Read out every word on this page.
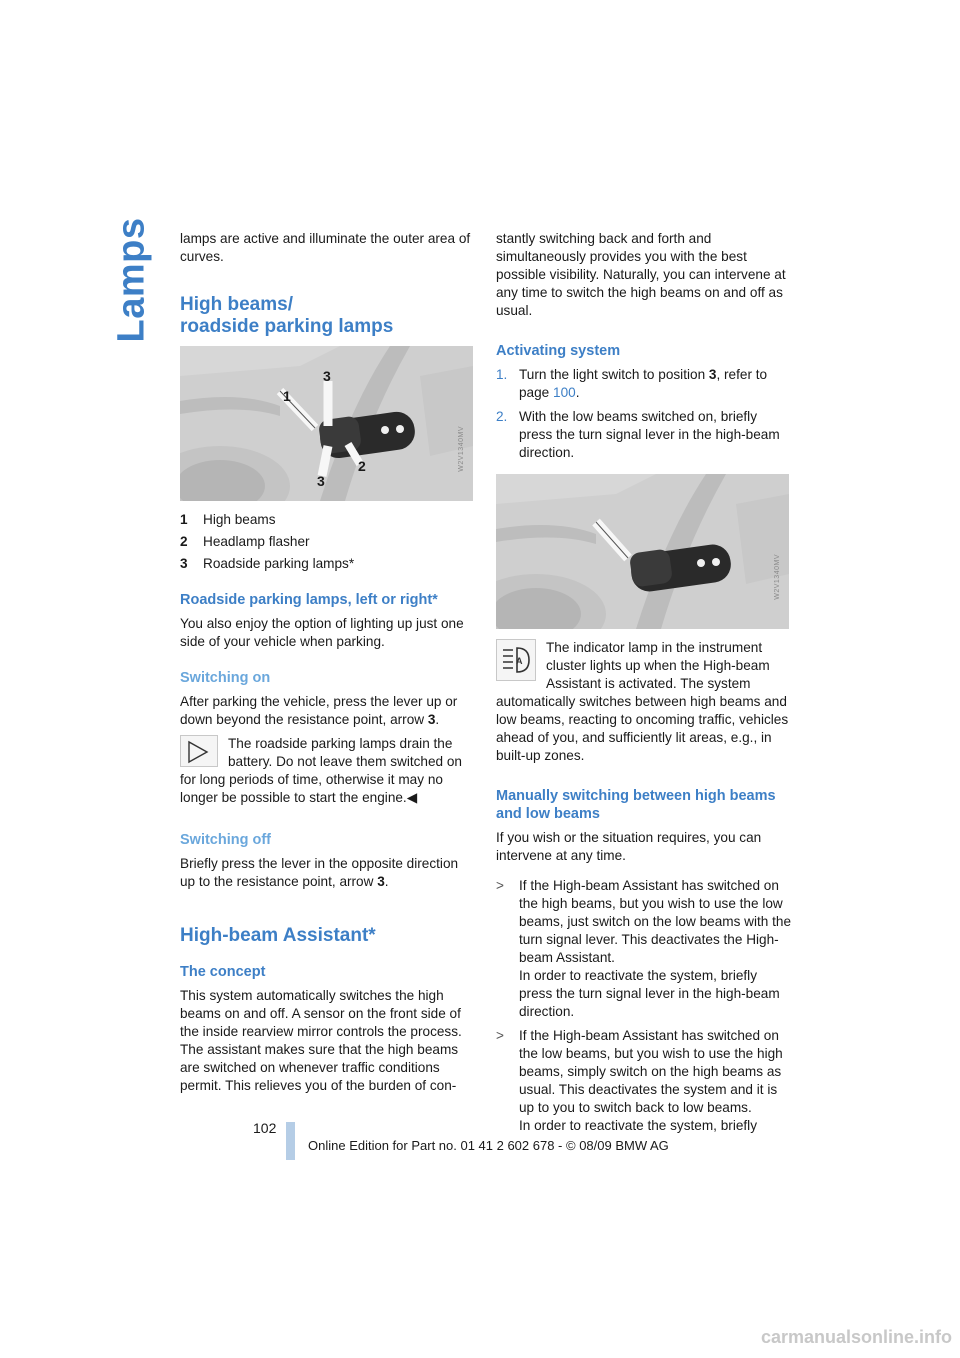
Lamps lamps are active and illuminate the outer area of curves.

High beams/
roadside parking lamps
1
3
3
2	W2V1340MV
1	High beams
2	Headlamp flasher
3	Roadside parking lamps*
Roadside parking lamps, left or right*

You also enjoy the option of lighting up just one side of your vehicle when parking.

Switching on

After parking the vehicle, press the lever up or down beyond the resistance point, arrow 3.

The roadside parking lamps drain the battery. Do not leave them switched on for long periods of time, otherwise it may no longer be possible to start the engine.◀
Switching off

Briefly press the lever in the opposite direction up to the resistance point, arrow 3.

High-beam Assistant*
The concept

This system automatically switches the high beams on and off. A sensor on the front side of the inside rearview mirror controls the process. The assistant makes sure that the high beams are switched on whenever traffic conditions permit. This relieves you of the burden of con-

stantly switching back and forth and simultaneously provides you with the best possible visibility. Naturally, you can intervene at any time to switch the high beams on and off as usual.

Activating system
1. Turn the light switch to position 3, refer to page 100.
2. With the low beams switched on, briefly press the turn signal lever in the high-beam direction.
W2V1340MV
A
The indicator lamp in the instrument cluster lights up when the High-beam Assistant is activated. The system automatically switches between high beams and low beams, reacting to oncoming traffic, vehicles ahead of you, and sufficiently lit areas, e.g., in built-up zones.
Manually switching between high beams and low beams

If you wish or the situation requires, you can intervene at any time.

>	If the High-beam Assistant has switched on the high beams, but you wish to use the low beams, just switch on the low beams with the turn signal lever. This deactivates the High-beam Assistant.
In order to reactivate the system, briefly press the turn signal lever in the high-beam direction.
>	If the High-beam Assistant has switched on the low beams, but you wish to use the high beams, simply switch on the high beams as usual. This deactivates the system and it is up to you to switch back to low beams.
In order to reactivate the system, briefly
102
Online Edition for Part no. 01 41 2 602 678 - © 08/09 BMW AG
carmanualsonline.info
